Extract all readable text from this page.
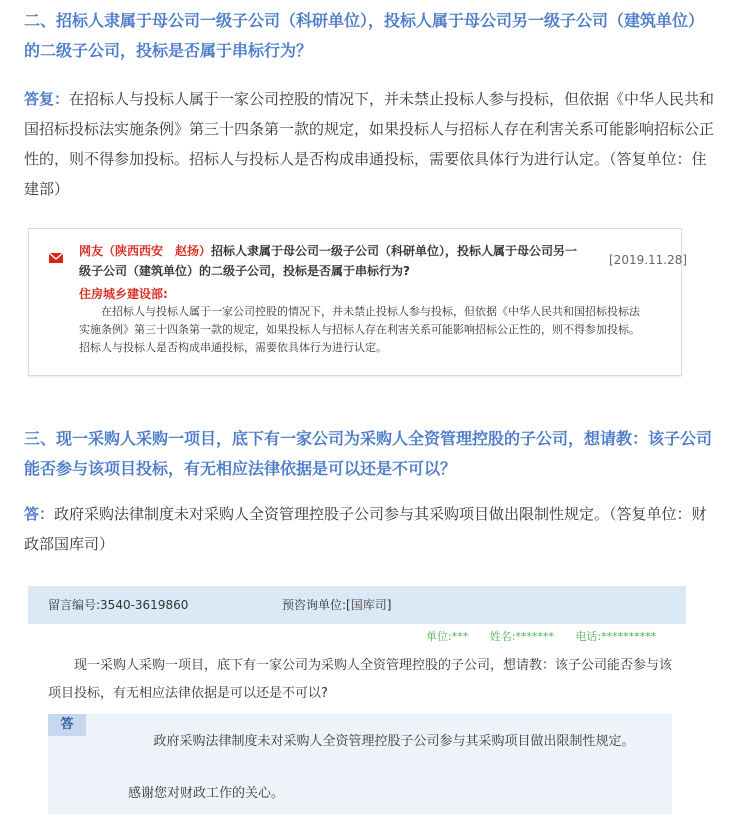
二、招标人隶属于母公司一级子公司（科研单位），投标人属于母公司另一级子公司（建筑单位）的二级子公司，投标是否属于串标行为？
答复：在招标人与投标人属于一家公司控股的情况下，并未禁止投标人参与投标，但依据《中华人民共和国招标投标法实施条例》第三十四条第一款的规定，如果投标人与招标人存在利害关系可能影响招标公正性的，则不得参加投标。招标人与投标人是否构成串通投标，需要依具体行为进行认定。（答复单位：住建部）
网友（陕西西安　赵扬）招标人隶属于母公司一级子公司（科研单位），投标人属于母公司另一级子公司（建筑单位）的二级子公司，投标是否属于串标行为?
[2019.11.28]
住房城乡建设部:
在招标人与投标人属于一家公司控股的情况下，并未禁止投标人参与投标，但依据《中华人民共和国招标投标法实施条例》第三十四条第一款的规定，如果投标人与招标人存在利害关系可能影响招标公正性的，则不得参加投标。招标人与投标人是否构成串通投标，需要依具体行为进行认定。
三、现一采购人采购一项目，底下有一家公司为采购人全资管理控股的子公司，想请教：该子公司能否参与该项目投标，有无相应法律依据是可以还是不可以？
答：政府采购法律制度未对采购人全资管理控股子公司参与其采购项目做出限制性规定。（答复单位：财政部国库司）
留言编号:3540-3619860	预咨询单位:[国库司]
单位:*** 姓名:******* 电话:**********
现一采购人采购一项目，底下有一家公司为采购人全资管理控股的子公司，想请教：该子公司能否参与该项目投标，有无相应法律依据是可以还是不可以?
答
政府采购法律制度未对采购人全资管理控股子公司参与其采购项目做出限制性规定。
感谢您对财政工作的关心。
